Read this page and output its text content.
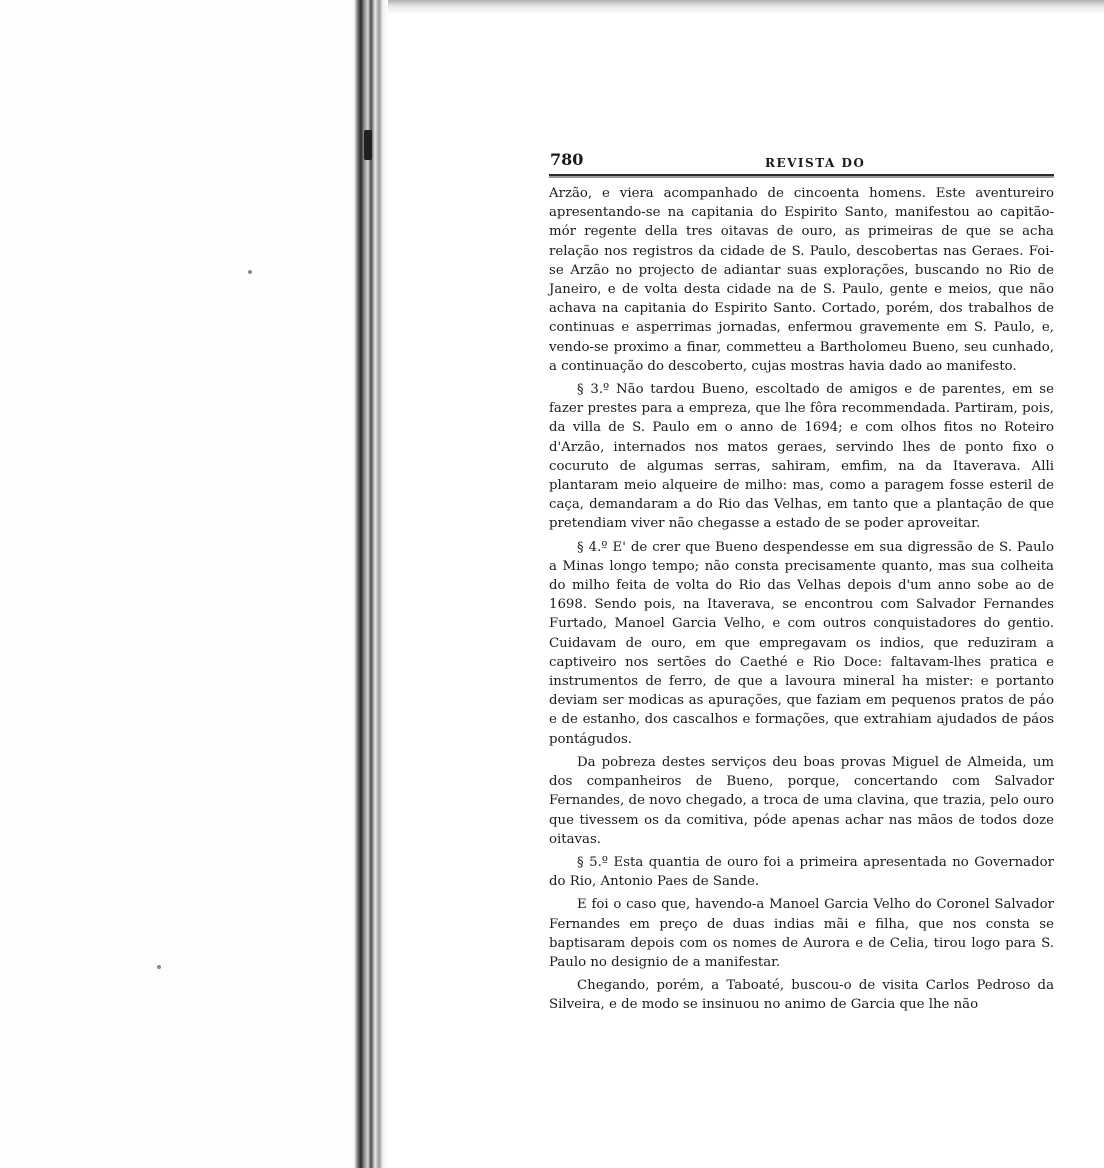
780	REVISTA DO

Arzão, e viera acompanhado de cincoenta homens. Este aventureiro apresentando-se na capitania do Espirito Santo, manifestou ao capitão-mór regente della tres oitavas de ouro, as primeiras de que se acha relação nos registros da cidade de S. Paulo, descobertas nas Geraes. Foi-se Arzão no projecto de adiantar suas explorações, buscando no Rio de Janeiro, e de volta desta cidade na de S. Paulo, gente e meios, que não achava na capitania do Espirito Santo. Cortado, porém, dos trabalhos de continuas e asperrimas jornadas, enfermou gravemente em S. Paulo, e, vendo-se proximo a finar, commetteu a Bartholomeu Bueno, seu cunhado, a continuação do descoberto, cujas mostras havia dado ao manifesto.

§ 3.º Não tardou Bueno, escoltado de amigos e de parentes, em se fazer prestes para a empreza, que lhe fôra recommendada. Partiram, pois, da villa de S. Paulo em o anno de 1694; e com olhos fitos no Roteiro d'Arzão, internados nos matos geraes, servindo lhes de ponto fixo o cocuruto de algumas serras, sahiram, emfim, na da Itaverava. Alli plantaram meio alqueire de milho: mas, como a paragem fosse esteril de caça, demandaram a do Rio das Velhas, em tanto que a plantação de que pretendiam viver não chegasse a estado de se poder aproveitar.

§ 4.º E' de crer que Bueno despendesse em sua digressão de S. Paulo a Minas longo tempo; não consta precisamente quanto, mas sua colheita do milho feita de volta do Rio das Velhas depois d'um anno sobe ao de 1698. Sendo pois, na Itaverava, se encontrou com Salvador Fernandes Furtado, Manoel Garcia Velho, e com outros conquistadores do gentio. Cuidavam de ouro, em que empregavam os indios, que reduziram a captiveiro nos sertões do Caethé e Rio Doce: faltavam-lhes pratica e instrumentos de ferro, de que a lavoura mineral ha mister: e portanto deviam ser modicas as apurações, que faziam em pequenos pratos de páo e de estanho, dos cascalhos e formações, que extrahiam ajudados de páos pontágudos.

Da pobreza destes serviços deu boas provas Miguel de Almeida, um dos companheiros de Bueno, porque, concertando com Salvador Fernandes, de novo chegado, a troca de uma clavina, que trazia, pelo ouro que tivessem os da comitiva, póde apenas achar nas mãos de todos doze oitavas.

§ 5.º Esta quantia de ouro foi a primeira apresentada no Governador do Rio, Antonio Paes de Sande.

E foi o caso que, havendo-a Manoel Garcia Velho do Coronel Salvador Fernandes em preço de duas indias mãi e filha, que nos consta se baptisaram depois com os nomes de Aurora e de Celia, tirou logo para S. Paulo no designio de a manifestar.

Chegando, porém, a Taboaté, buscou-o de visita Carlos Pedroso da Silveira, e de modo se insinuou no animo de Garcia que lhe não
